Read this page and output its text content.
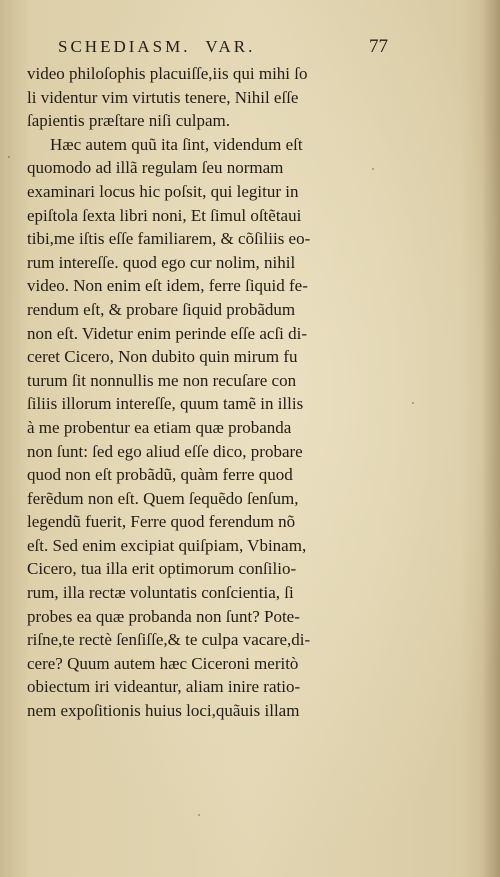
SCHEDIASM. VAR.	77
video philoſophis placuiſſe,iis qui mihi ſo
li videntur vim virtutis tenere, Nihil eſſe
ſapientis præſtare niſi culpam.
Hæc autem quũ ita ſint, videndum eſt
quomodo ad illã regulam ſeu normam
examinari locus hic poſsit, qui legitur in
epiſtola ſexta libri noni, Et ſimul oſtẽtaui
tibi,me iſtis eſſe familiarem, & cõſiliis eo-
rum intereſſe. quod ego cur nolim, nihil
video. Non enim eſt idem, ferre ſiquid fe-
rendum eſt, & probare ſiquid probãdum
non eſt. Videtur enim perinde eſſe acſi di-
ceret Cicero, Non dubito quin mirum fu
turum ſit nonnullis me non recuſare con
ſiliis illorum intereſſe, quum tamẽ in illis
à me probentur ea etiam quæ probanda
non ſunt: ſed ego aliud eſſe dico, probare
quod non eſt probãdũ, quàm ferre quod
ferẽdum non eſt. Quem ſequẽdo ſenſum,
legendũ fuerit, Ferre quod ferendum nõ
eſt. Sed enim excipiat quiſpiam, Vbinam,
Cicero, tua illa erit optimorum conſilio-
rum, illa rectæ voluntatis conſcientia, ſi
probes ea quæ probanda non ſunt? Pote-
riſne,te rectè ſenſiſſe,& te culpa vacare,di-
cere? Quum autem hæc Ciceroni meritò
obiectum iri videantur, aliam inire ratio-
nem expoſitionis huius loci,quãuis illam
